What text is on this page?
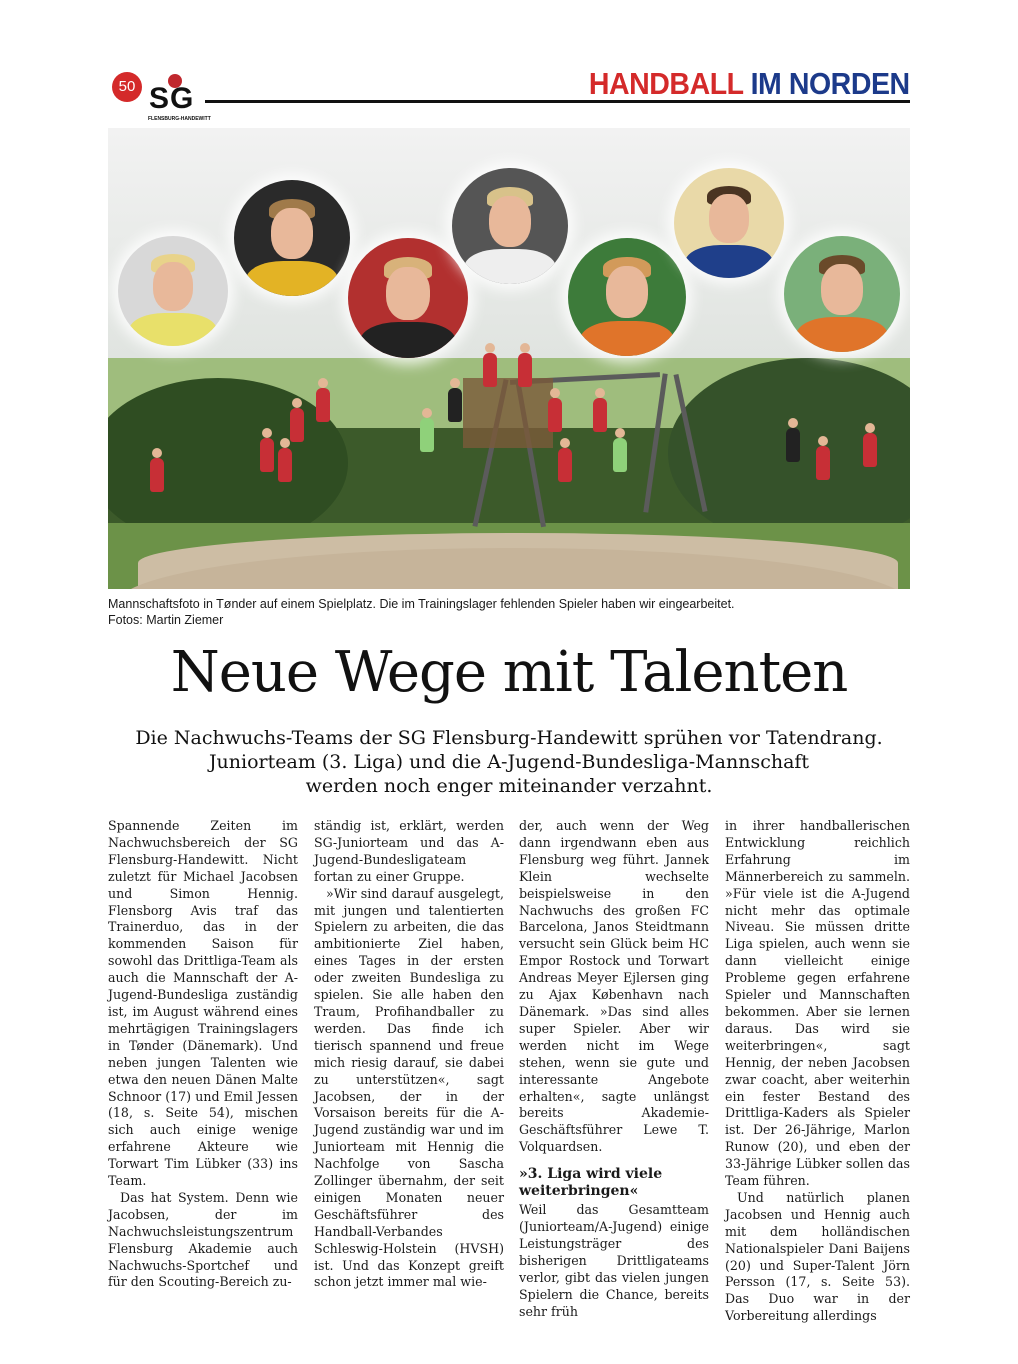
50 SG
FLENSBURG-HANDEWITT
HANDBALL IM NORDEN
Mannschaftsfoto in Tønder auf einem Spielplatz. Die im Trainingslager fehlenden Spieler haben wir eingearbeitet.
Fotos: Martin Ziemer
Neue Wege mit Talenten
Die Nachwuchs-Teams der SG Flensburg-Handewitt sprühen vor Tatendrang.
Juniorteam (3. Liga) und die A-Jugend-Bundesliga-Mannschaft
werden noch enger miteinander verzahnt.

Spannende Zeiten im Nachwuchsbereich der SG Flensburg-Handewitt. Nicht zuletzt für Michael Jacobsen und Simon Hennig. Flensborg Avis traf das Trainerduo, das in der kommenden Saison für sowohl das Drittliga-Team als auch die Mannschaft der A-Jugend-Bundesliga zuständig ist, im August während eines mehrtägigen Trainingslagers in Tønder (Dänemark). Und neben jungen Talenten wie etwa den neuen Dänen Malte Schnoor (17) und Emil Jessen (18, s. Seite 54), mischen sich auch einige wenige erfahrene Akteure wie Torwart Tim Lübker (33) ins Team.

Das hat System. Denn wie Jacobsen, der im Nachwuchsleistungszentrum Flensburg Akademie auch Nachwuchs-Sportchef und für den Scouting-Bereich zu-

ständig ist, erklärt, werden SG-Juniorteam und das A-Jugend-Bundesligateam fortan zu einer Gruppe.

»Wir sind darauf ausgelegt, mit jungen und talentierten Spielern zu arbeiten, die das ambitionierte Ziel haben, eines Tages in der ersten oder zweiten Bundesliga zu spielen. Sie alle haben den Traum, Profihandballer zu werden. Das finde ich tierisch spannend und freue mich riesig darauf, sie dabei zu unterstützen«, sagt Jacobsen, der in der Vorsaison bereits für die A-Jugend zuständig war und im Juniorteam mit Hennig die Nachfolge von Sascha Zollinger übernahm, der seit einigen Monaten neuer Geschäftsführer des Handball-Verbandes Schleswig-Holstein (HVSH) ist. Und das Konzept greift schon jetzt immer mal wie-

der, auch wenn der Weg dann irgendwann eben aus Flensburg weg führt. Jannek Klein wechselte beispielsweise in den Nachwuchs des großen FC Barcelona, Janos Steidtmann versucht sein Glück beim HC Empor Rostock und Torwart Andreas Meyer Ejlersen ging zu Ajax København nach Dänemark. »Das sind alles super Spieler. Aber wir werden nicht im Wege stehen, wenn sie gute und interessante Angebote erhalten«, sagte unlängst bereits Akademie-Geschäftsführer Lewe T. Volquardsen.

»3. Liga wird viele weiterbringen«

Weil das Gesamtteam (Juniorteam/A-Jugend) einige Leistungsträger des bisherigen Drittligateams verlor, gibt das vielen jungen Spielern die Chance, bereits sehr früh

in ihrer handballerischen Entwicklung reichlich Erfahrung im Männerbereich zu sammeln. »Für viele ist die A-Jugend nicht mehr das optimale Niveau. Sie müssen dritte Liga spielen, auch wenn sie dann vielleicht einige Probleme gegen erfahrene Spieler und Mannschaften bekommen. Aber sie lernen daraus. Das wird sie weiterbringen«, sagt Hennig, der neben Jacobsen zwar coacht, aber weiterhin ein fester Bestand des Drittliga-Kaders als Spieler ist. Der 26-Jährige, Marlon Runow (20), und eben der 33-Jährige Lübker sollen das Team führen.

Und natürlich planen Jacobsen und Hennig auch mit dem holländischen Nationalspieler Dani Baijens (20) und Super-Talent Jörn Persson (17, s. Seite 53). Das Duo war in der Vorbereitung allerdings
